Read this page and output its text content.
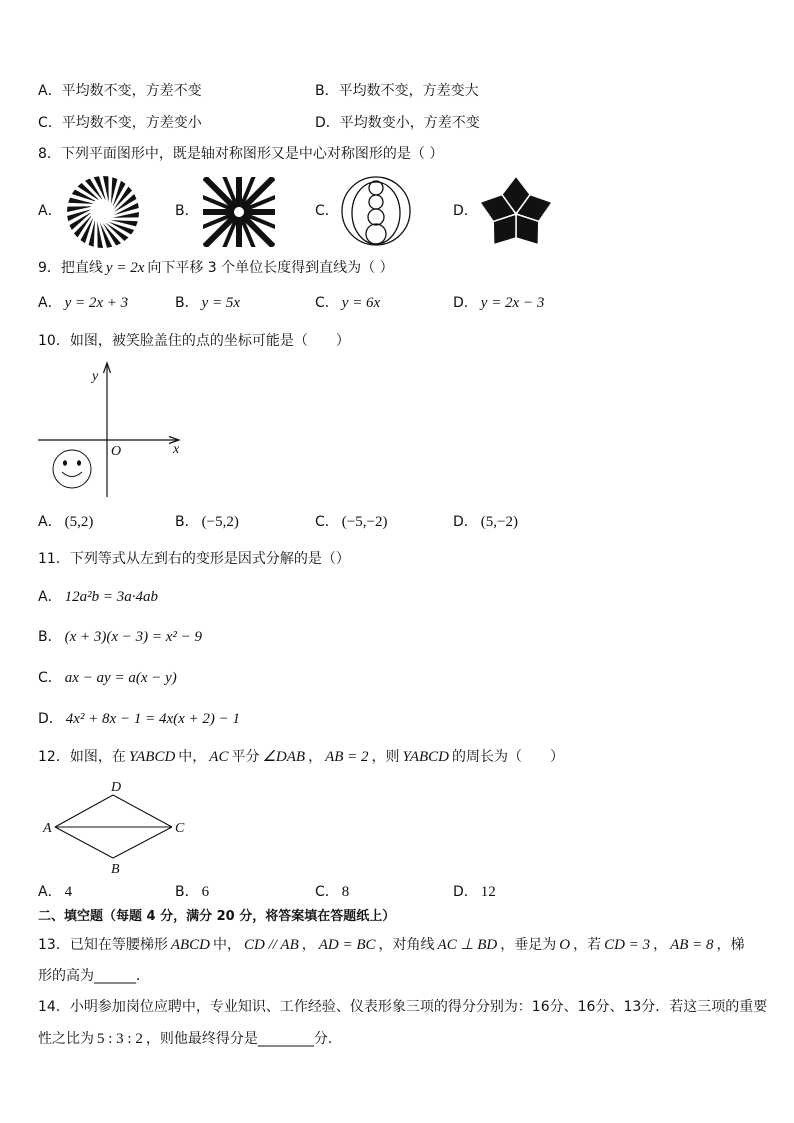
A．平均数不变，方差不变	B．平均数不变，方差变大
C．平均数不变，方差变小	D．平均数变小，方差不变
8．下列平面图形中，既是轴对称图形又是中心对称图形的是（ ）
A．	B．	C．	D．
9．把直线 y = 2x 向下平移 3 个单位长度得到直线为（ ）
A． y = 2x + 3	B． y = 5x	C． y = 6x	D． y = 2x − 3
10．如图，被笑脸盖住的点的坐标可能是（　　）
y
O	x
A． (5,2)	B． (−5,2)	C． (−5,−2)	D． (5,−2)
11．下列等式从左到右的变形是因式分解的是（）
A． 12a²b = 3a·4ab
B． (x + 3)(x − 3) = x² − 9
C． ax − ay = a(x − y)
D． 4x² + 8x − 1 = 4x(x + 2) − 1
12．如图，在 YABCD 中， AC 平分 ∠DAB ， AB = 2 ，则 YABCD 的周长为（　　）
D
A	C
B
A． 4	B． 6	C． 8	D． 12
二、填空题（每题 4 分，满分 20 分，将答案填在答题纸上）
13．已知在等腰梯形 ABCD 中， CD // AB ， AD = BC ，对角线 AC ⊥ BD ，垂足为 O ，若 CD = 3 ， AB = 8 ，梯
形的高为______．
14．小明参加岗位应聘中，专业知识、工作经验、仪表形象三项的得分分别为：16分、16分、13分．若这三项的重要
性之比为 5 : 3 : 2 ，则他最终得分是________分．
